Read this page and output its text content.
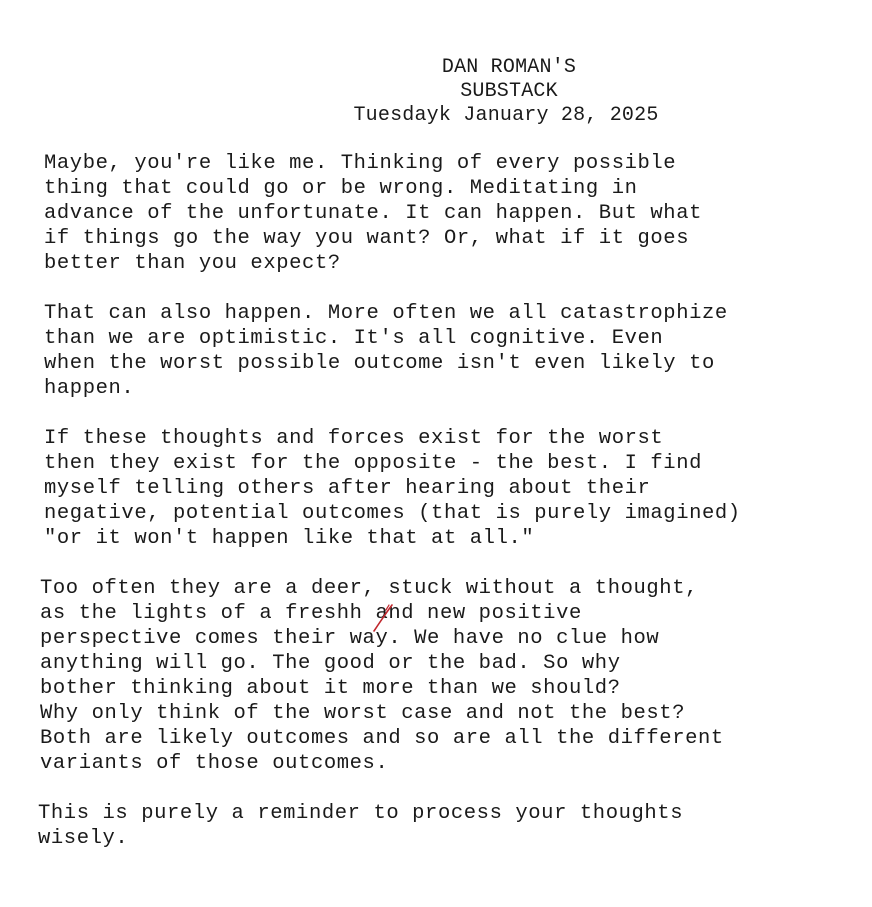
DAN ROMAN'S
SUBSTACK
Tuesdayk January 28, 2025

Maybe, you're like me. Thinking of every possible
thing that could go or be wrong. Meditating in
advance of the unfortunate. It can happen. But what
if things go the way you want? Or, what if it goes
better than you expect?

That can also happen. More often we all catastrophize
than we are optimistic. It's all cognitive. Even
when the worst possible outcome isn't even likely to
happen.

If these thoughts and forces exist for the worst
then they exist for the opposite - the best. I find
myself telling others after hearing about their
negative, potential outcomes (that is purely imagined)
"or it won't happen like that at all."

Too often they are a deer, stuck without a thought,
as the lights of a freshh and new positive
perspective comes their way. We have no clue how
anything will go. The good or the bad. So why
bother thinking about it more than we should?
Why only think of the worst case and not the best?
Both are likely outcomes and so are all the different
variants of those outcomes.

This is purely a reminder to process your thoughts
wisely.
